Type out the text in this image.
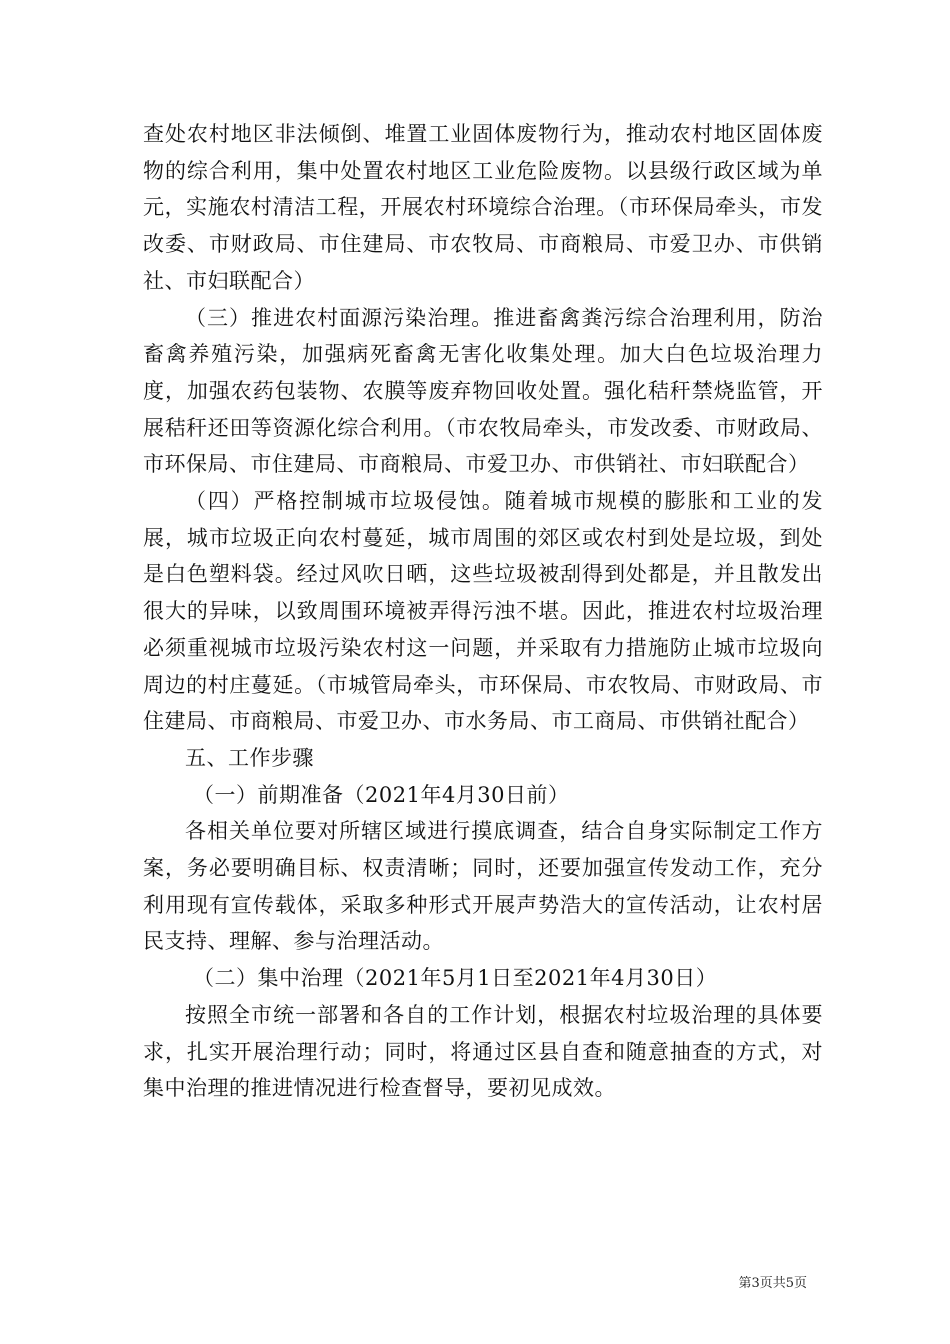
查处农村地区非法倾倒、堆置工业固体废物行为，推动农村地区固体废物的综合利用，集中处置农村地区工业危险废物。以县级行政区域为单元，实施农村清洁工程，开展农村环境综合治理。（市环保局牵头，市发改委、市财政局、市住建局、市农牧局、市商粮局、市爱卫办、市供销社、市妇联配合）

（三）推进农村面源污染治理。推进畜禽粪污综合治理利用，防治畜禽养殖污染，加强病死畜禽无害化收集处理。加大白色垃圾治理力度，加强农药包装物、农膜等废弃物回收处置。强化秸秆禁烧监管，开展秸秆还田等资源化综合利用。（市农牧局牵头，市发改委、市财政局、市环保局、市住建局、市商粮局、市爱卫办、市供销社、市妇联配合）

（四）严格控制城市垃圾侵蚀。随着城市规模的膨胀和工业的发展，城市垃圾正向农村蔓延，城市周围的郊区或农村到处是垃圾，到处是白色塑料袋。经过风吹日晒，这些垃圾被刮得到处都是，并且散发出很大的异味，以致周围环境被弄得污浊不堪。因此，推进农村垃圾治理必须重视城市垃圾污染农村这一问题，并采取有力措施防止城市垃圾向周边的村庄蔓延。（市城管局牵头，市环保局、市农牧局、市财政局、市住建局、市商粮局、市爱卫办、市水务局、市工商局、市供销社配合）

五、工作步骤

（一）前期准备（2021年4月30日前）

各相关单位要对所辖区域进行摸底调查，结合自身实际制定工作方案，务必要明确目标、权责清晰；同时，还要加强宣传发动工作，充分利用现有宣传载体，采取多种形式开展声势浩大的宣传活动，让农村居民支持、理解、参与治理活动。

（二）集中治理（2021年5月1日至2021年4月30日）

按照全市统一部署和各自的工作计划，根据农村垃圾治理的具体要求，扎实开展治理行动；同时，将通过区县自查和随意抽查的方式，对集中治理的推进情况进行检查督导，要初见成效。

第3页共5页
